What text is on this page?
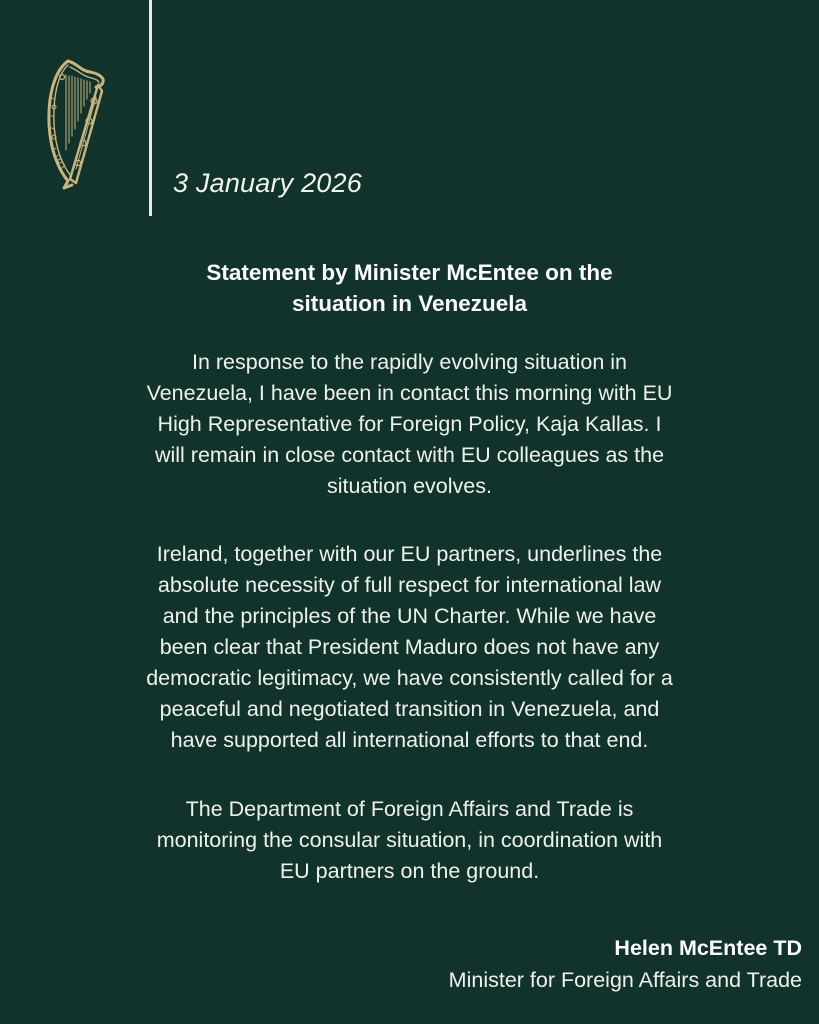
3 January 2026
Statement by Minister McEntee on the
situation in Venezuela
In response to the rapidly evolving situation in
Venezuela, I have been in contact this morning with EU
High Representative for Foreign Policy, Kaja Kallas. I
will remain in close contact with EU colleagues as the
situation evolves.
Ireland, together with our EU partners, underlines the
absolute necessity of full respect for international law
and the principles of the UN Charter. While we have
been clear that President Maduro does not have any
democratic legitimacy, we have consistently called for a
peaceful and negotiated transition in Venezuela, and
have supported all international efforts to that end.
The Department of Foreign Affairs and Trade is
monitoring the consular situation, in coordination with
EU partners on the ground.
Helen McEntee TD
Minister for Foreign Affairs and Trade
